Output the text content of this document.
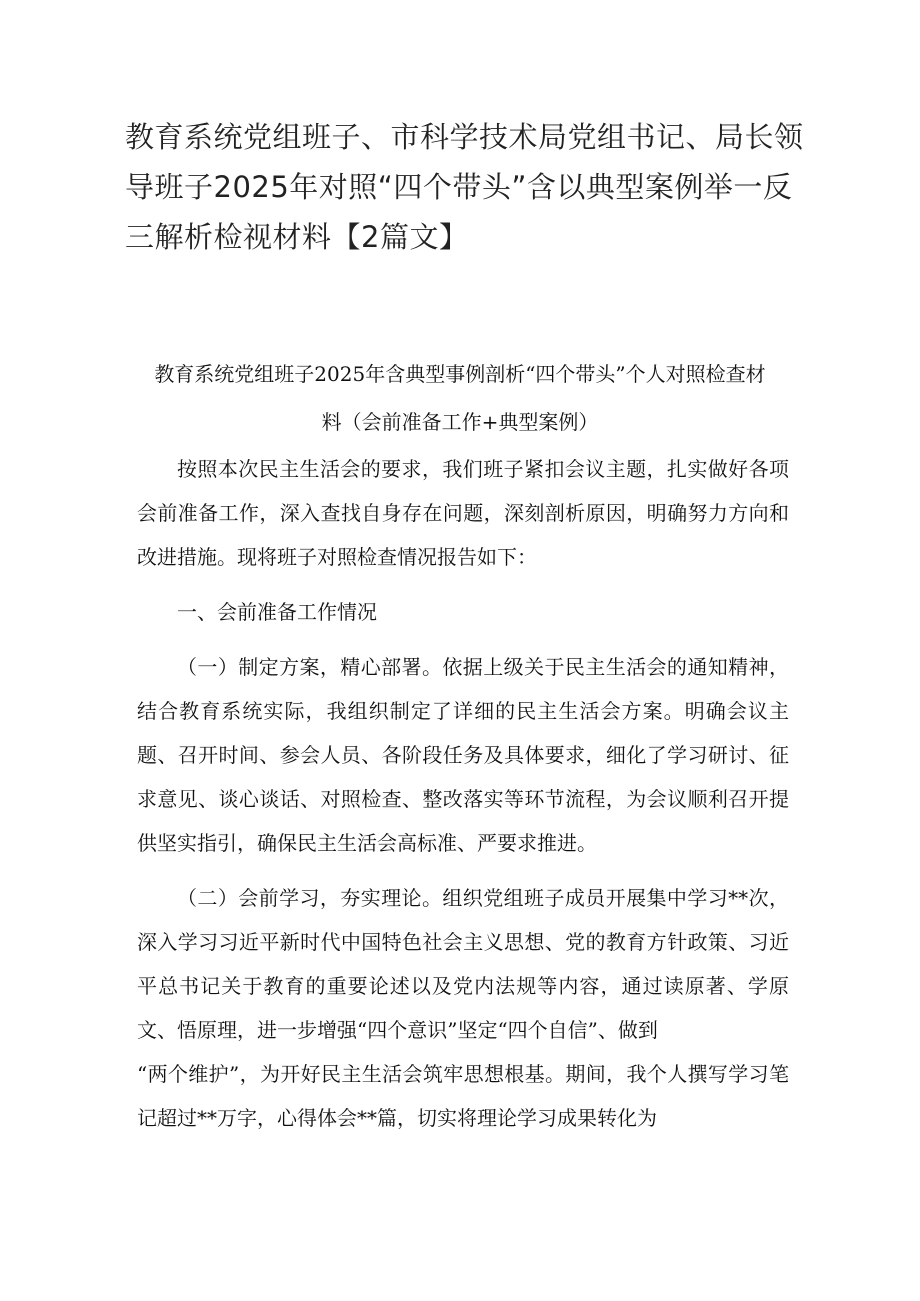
教育系统党组班子、市科学技术局党组书记、局长领导班子2025年对照“四个带头”含以典型案例举一反三解析检视材料【2篇文】
教育系统党组班子2025年含典型事例剖析“四个带头”个人对照检查材料（会前准备工作+典型案例）

按照本次民主生活会的要求，我们班子紧扣会议主题，扎实做好各项会前准备工作，深入查找自身存在问题，深刻剖析原因，明确努力方向和改进措施。现将班子对照检查情况报告如下：

一、会前准备工作情况

（一）制定方案，精心部署。依据上级关于民主生活会的通知精神，结合教育系统实际，我组织制定了详细的民主生活会方案。明确会议主题、召开时间、参会人员、各阶段任务及具体要求，细化了学习研讨、征求意见、谈心谈话、对照检查、整改落实等环节流程，为会议顺利召开提供坚实指引，确保民主生活会高标准、严要求推进。

（二）会前学习，夯实理论。组织党组班子成员开展集中学习**次，深入学习习近平新时代中国特色社会主义思想、党的教育方针政策、习近平总书记关于教育的重要论述以及党内法规等内容，通过读原著、学原文、悟原理，进一步增强“四个意识”坚定“四个自信”、做到

“两个维护”，为开好民主生活会筑牢思想根基。期间，我个人撰写学习笔记超过**万字，心得体会**篇，切实将理论学习成果转化为
